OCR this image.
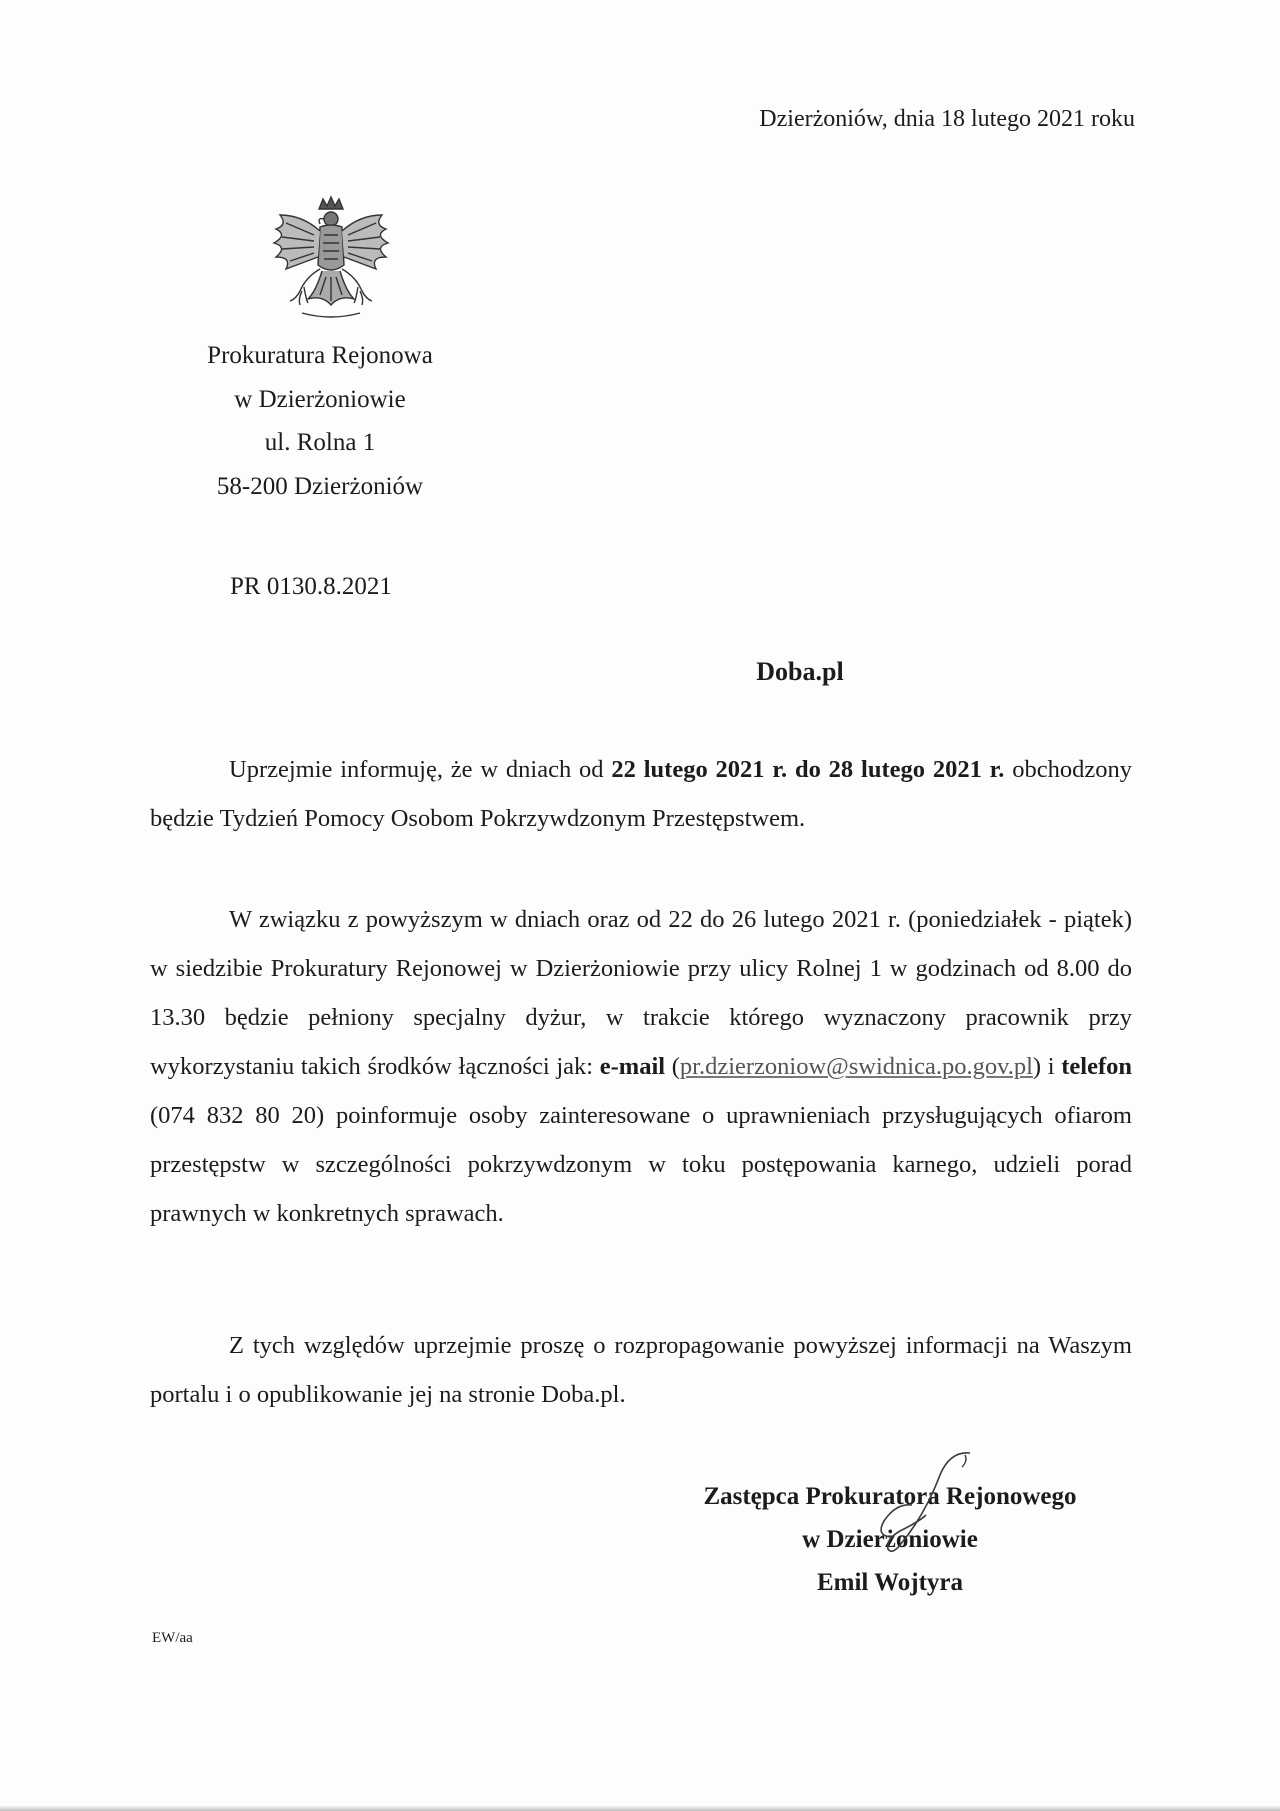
Dzierżoniów, dnia 18 lutego 2021 roku
Prokuratura Rejonowa
w Dzierżoniowie
ul. Rolna 1
58-200 Dzierżoniów
PR 0130.8.2021
Doba.pl

Uprzejmie informuję, że w dniach od 22 lutego 2021 r. do 28 lutego 2021 r. obchodzony będzie Tydzień Pomocy Osobom Pokrzywdzonym Przestępstwem.

W związku z powyższym w dniach oraz od 22 do 26 lutego 2021 r. (poniedziałek - piątek) w siedzibie Prokuratury Rejonowej w Dzierżoniowie przy ulicy Rolnej 1 w godzinach od 8.00 do 13.30 będzie pełniony specjalny dyżur, w trakcie którego wyznaczony pracownik przy wykorzystaniu takich środków łączności jak: e-mail (pr.dzierzoniow@swidnica.po.gov.pl) i telefon (074 832 80 20) poinformuje osoby zainteresowane o uprawnieniach przysługujących ofiarom przestępstw w szczególności pokrzywdzonym w toku postępowania karnego, udzieli porad prawnych w konkretnych sprawach.

Z tych względów uprzejmie proszę o rozpropagowanie powyższej informacji na Waszym portalu i o opublikowanie jej na stronie Doba.pl.

Zastępca Prokuratora Rejonowego
w Dzierżoniowie
Emil Wojtyra
EW/aa
